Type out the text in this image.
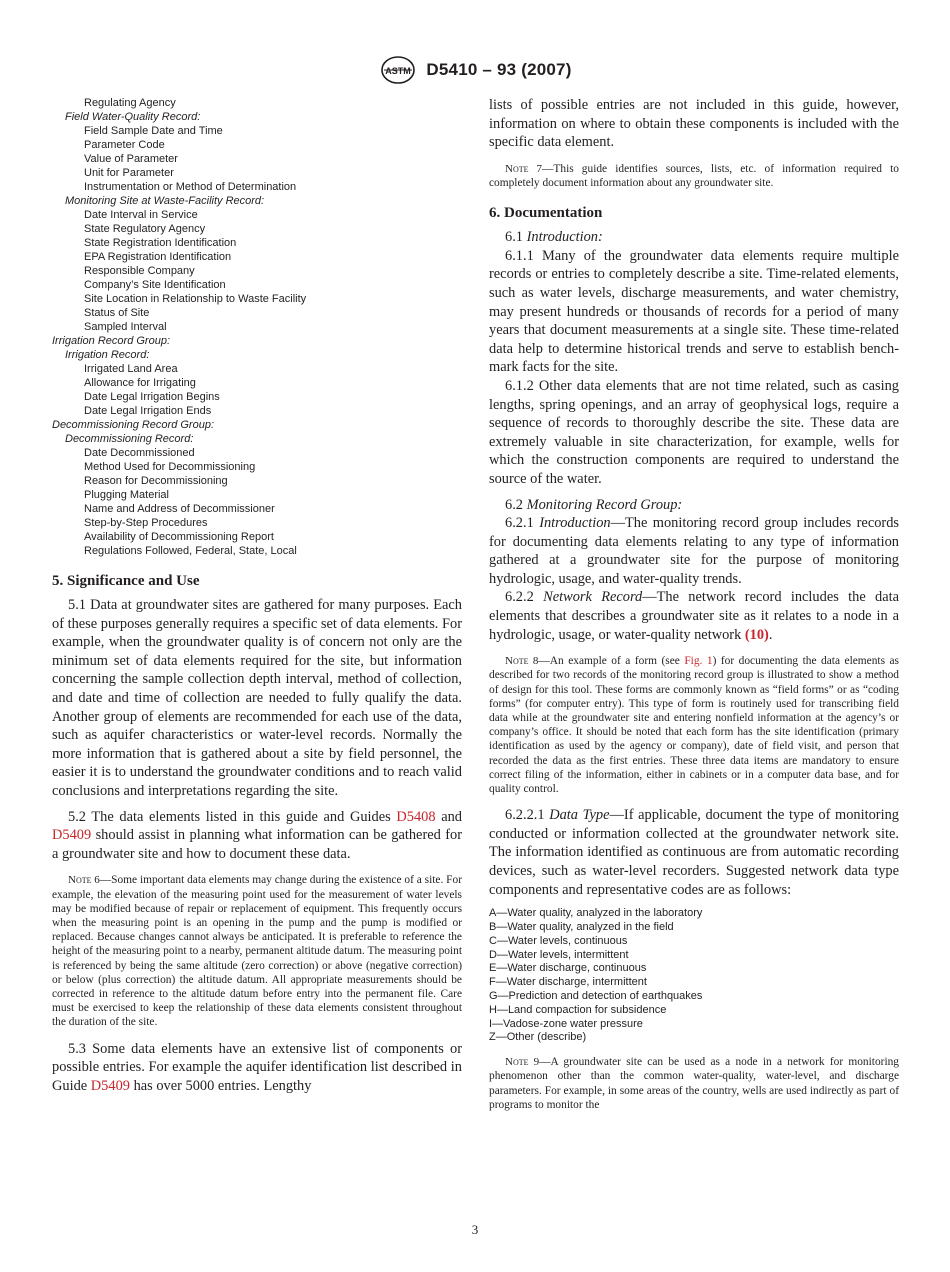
ASTM D5410 – 93 (2007)
Regulating Agency
Field Water-Quality Record:
Field Sample Date and Time
Parameter Code
Value of Parameter
Unit for Parameter
Instrumentation or Method of Determination
Monitoring Site at Waste-Facility Record:
Date Interval in Service
State Regulatory Agency
State Registration Identification
EPA Registration Identification
Responsible Company
Company’s Site Identification
Site Location in Relationship to Waste Facility
Status of Site
Sampled Interval
Irrigation Record Group:
Irrigation Record:
Irrigated Land Area
Allowance for Irrigating
Date Legal Irrigation Begins
Date Legal Irrigation Ends
Decommissioning Record Group:
Decommissioning Record:
Date Decommissioned
Method Used for Decommissioning
Reason for Decommissioning
Plugging Material
Name and Address of Decommissioner
Step-by-Step Procedures
Availability of Decommissioning Report
Regulations Followed, Federal, State, Local
5. Significance and Use

5.1 Data at groundwater sites are gathered for many purposes. Each of these purposes generally requires a specific set of data elements. For example, when the groundwater quality is of concern not only are the minimum set of data elements required for the site, but information concerning the sample collection depth interval, method of collection, and date and time of collection are needed to fully qualify the data. Another group of elements are recommended for each use of the data, such as aquifer characteristics or water-level records. Normally the more information that is gathered about a site by field personnel, the easier it is to understand the groundwater conditions and to reach valid conclusions and interpretations regarding the site.

5.2 The data elements listed in this guide and Guides D5408 and D5409 should assist in planning what information can be gathered for a groundwater site and how to document these data.

Note 6—Some important data elements may change during the existence of a site. For example, the elevation of the measuring point used for the measurement of water levels may be modified because of repair or replacement of equipment. This frequently occurs when the measuring point is an opening in the pump and the pump is modified or replaced. Because changes cannot always be anticipated. It is preferable to reference the height of the measuring point to a nearby, permanent altitude datum. The measuring point is referenced by being the same altitude (zero correction) or above (negative correction) or below (plus correction) the altitude datum. All appropriate measurements should be corrected in reference to the altitude datum before entry into the permanent file. Care must be exercised to keep the relationship of these data elements consistent throughout the duration of the site.

5.3 Some data elements have an extensive list of components or possible entries. For example the aquifer identification list described in Guide D5409 has over 5000 entries. Lengthy

lists of possible entries are not included in this guide, however, information on where to obtain these components is included with the specific data element.

Note 7—This guide identifies sources, lists, etc. of information required to completely document information about any groundwater site.

6. Documentation

6.1 Introduction:

6.1.1 Many of the groundwater data elements require multiple records or entries to completely describe a site. Time-related elements, such as water levels, discharge measurements, and water chemistry, may present hundreds or thousands of records for a period of many years that document measurements at a single site. These time-related data help to determine historical trends and serve to establish bench-mark facts for the site.

6.1.2 Other data elements that are not time related, such as casing lengths, spring openings, and an array of geophysical logs, require a sequence of records to thoroughly describe the site. These data are extremely valuable in site characterization, for example, wells for which the construction components are required to understand the source of the water.

6.2 Monitoring Record Group:

6.2.1 Introduction—The monitoring record group includes records for documenting data elements relating to any type of information gathered at a groundwater site for the purpose of monitoring hydrologic, usage, and water-quality trends.

6.2.2 Network Record—The network record includes the data elements that describes a groundwater site as it relates to a node in a hydrologic, usage, or water-quality network (10).

Note 8—An example of a form (see Fig. 1) for documenting the data elements as described for two records of the monitoring record group is illustrated to show a method of design for this tool. These forms are commonly known as “field forms” or as “coding forms” (for computer entry). This type of form is routinely used for transcribing field data while at the groundwater site and entering nonfield information at the agency’s or company’s office. It should be noted that each form has the site identification (primary identification as used by the agency or company), date of field visit, and person that recorded the data as the first entries. These three data items are mandatory to ensure correct filing of the information, either in cabinets or in a computer data base, and for quality control.

6.2.2.1 Data Type—If applicable, document the type of monitoring conducted or information collected at the groundwater network site. The information identified as continuous are from automatic recording devices, such as water-level recorders. Suggested network data type components and representative codes are as follows:

A—Water quality, analyzed in the laboratory
B—Water quality, analyzed in the field
C—Water levels, continuous
D—Water levels, intermittent
E—Water discharge, continuous
F—Water discharge, intermittent
G—Prediction and detection of earthquakes
H—Land compaction for subsidence
I—Vadose-zone water pressure
Z—Other (describe)

Note 9—A groundwater site can be used as a node in a network for monitoring phenomenon other than the common water-quality, water-level, and discharge parameters. For example, in some areas of the country, wells are used indirectly as part of programs to monitor the

3
